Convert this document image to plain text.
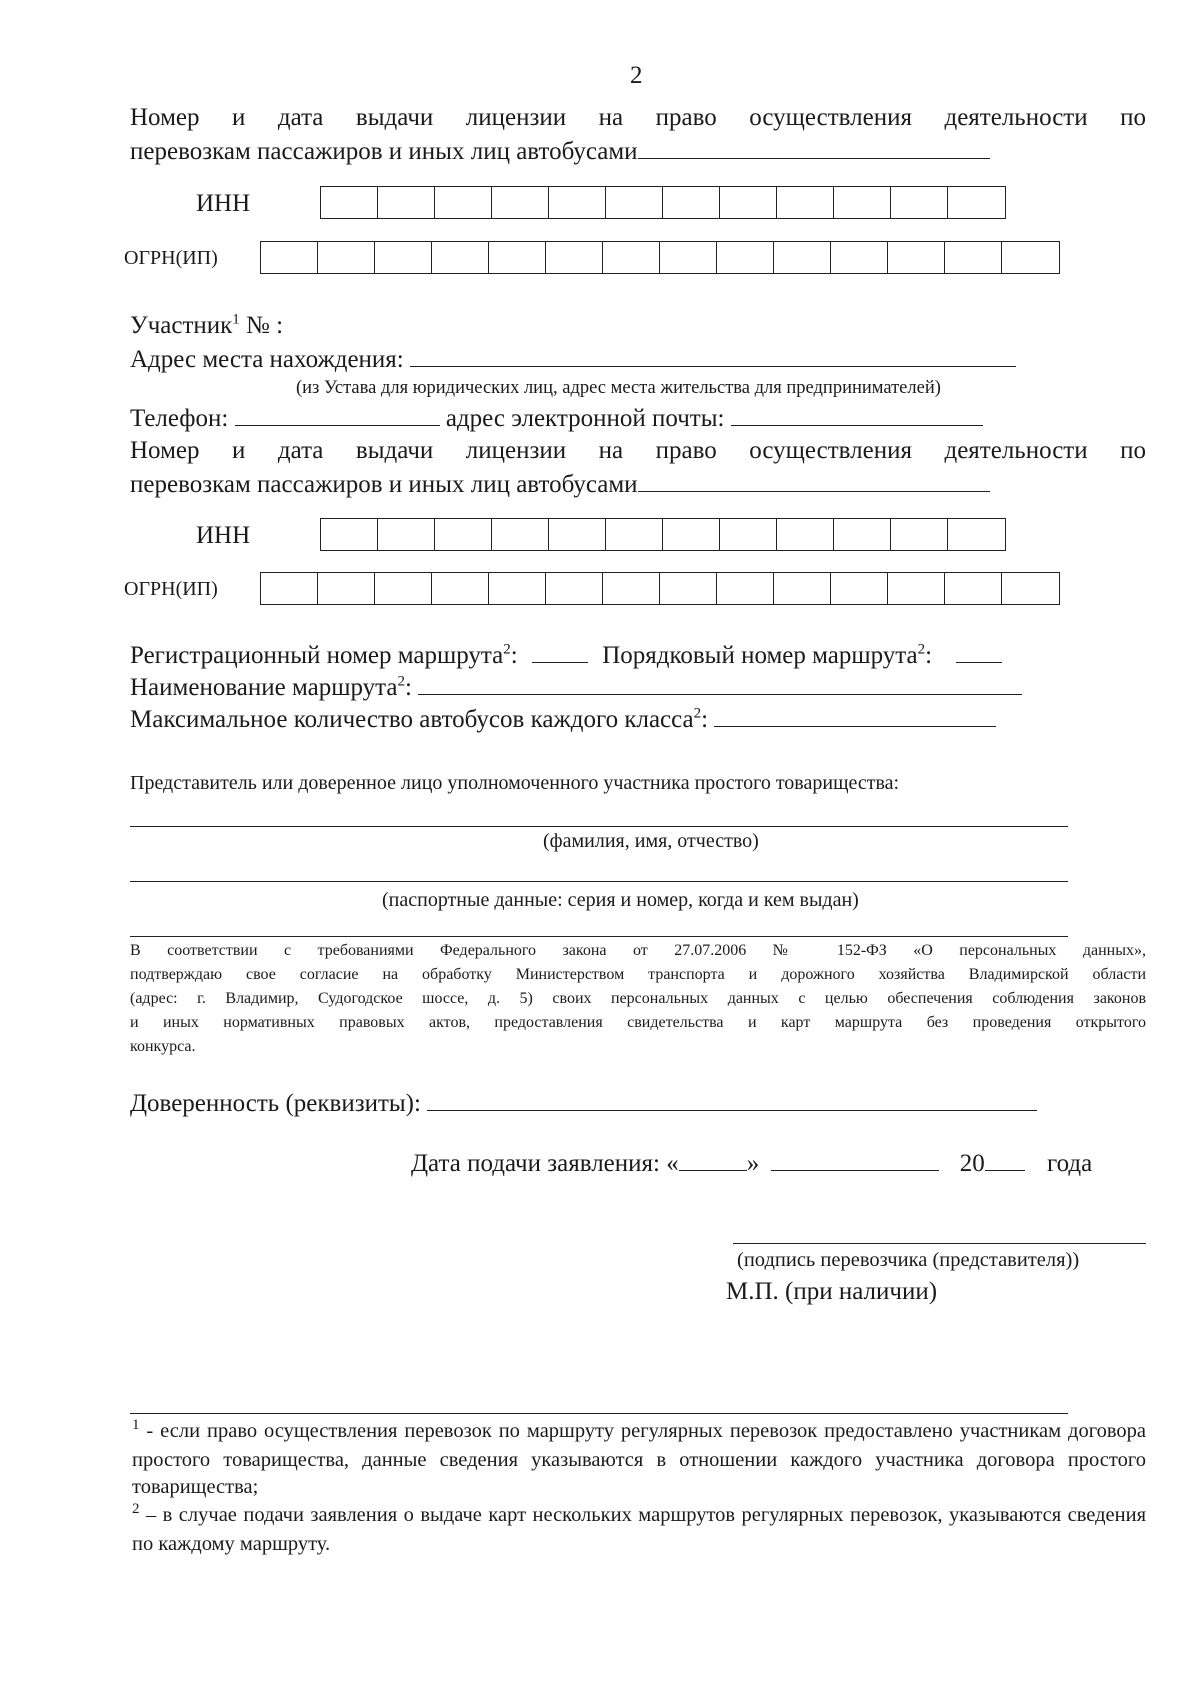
2
Номер и дата выдачи лицензии на право осуществления деятельности по
перевозкам пассажиров и иных лиц автобусами
ИНН
ОГРН(ИП)
Участник$^1$ № :
Адрес места нахождения:
(из Устава для юридических лиц, адрес места жительства для предпринимателей)
Телефон:	адрес электронной почты:
Номер и дата выдачи лицензии на право осуществления деятельности по
перевозкам пассажиров и иных лиц автобусами
ИНН
ОГРН(ИП)
Регистрационный номер маршрута$^2$:	Порядковый номер маршрута$^2$:
Наименование маршрута$^2$:
Максимальное количество автобусов каждого класса$^2$:
Представитель или доверенное лицо уполномоченного участника простого товарищества:
(фамилия, имя, отчество)
(паспортные данные: серия и номер, когда и кем выдан)
В соответствии с требованиями Федерального закона от 27.07.2006 № 152-ФЗ «О персональных данных»,
подтверждаю свое согласие на обработку Министерством транспорта и дорожного хозяйства Владимирской области
(адрес: г. Владимир, Судогодское шоссе, д. 5) своих персональных данных с целью обеспечения соблюдения законов
и иных нормативных правовых актов, предоставления свидетельства и карт маршрута без проведения открытого
конкурса.
Доверенность (реквизиты):
Дата подачи заявления: «	»	20 года
(подпись перевозчика (представителя))
М.П. (при наличии)
$^1$ - если право осуществления перевозок по маршруту регулярных перевозок предоставлено участникам договора простого товарищества, данные сведения указываются в отношении каждого участника договора простого товарищества;
$^2$ – в случае подачи заявления о выдаче карт нескольких маршрутов регулярных перевозок, указываются сведения по каждому маршруту.
